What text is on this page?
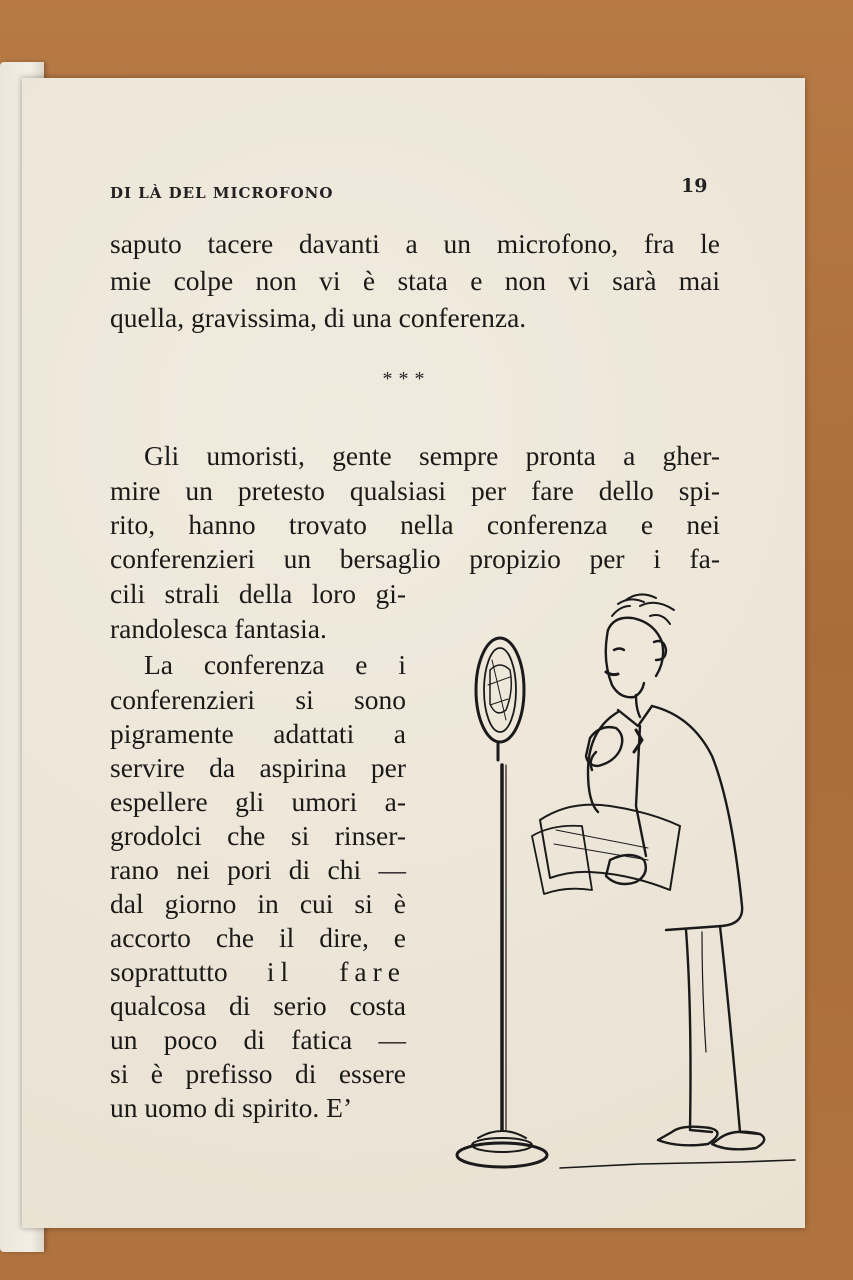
DI LÀ DEL MICROFONO	19

saputo tacere davanti a un microfono, fra le

mie colpe non vi è stata e non vi sarà mai

quella, gravissima, di una conferenza.

***

Gli umoristi, gente sempre pronta a gher-

mire un pretesto qualsiasi per fare dello spi-

rito, hanno trovato nella conferenza e nei

conferenzieri un bersaglio propizio per i fa-

cili strali della loro gi-

randolesca fantasia.

La conferenza e i

conferenzieri si sono

pigramente adattati a

servire da aspirina per

espellere gli umori a-

grodolci che si rinser-

rano nei pori di chi —

dal giorno in cui si è

accorto che il dire, e

soprattutto il fare

qualcosa di serio costa

un poco di fatica —

si è prefisso di essere

un uomo di spirito. E’
